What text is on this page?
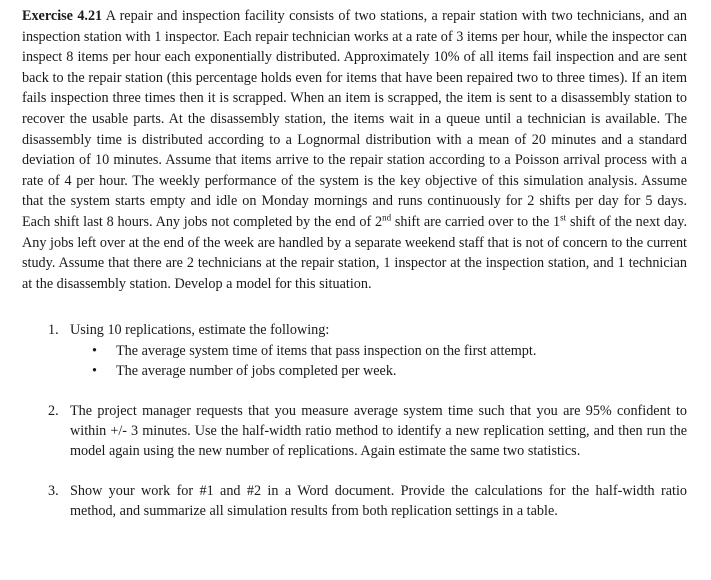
Exercise 4.21 A repair and inspection facility consists of two stations, a repair station with two technicians, and an inspection station with 1 inspector. Each repair technician works at a rate of 3 items per hour, while the inspector can inspect 8 items per hour each exponentially distributed. Approximately 10% of all items fail inspection and are sent back to the repair station (this percentage holds even for items that have been repaired two to three times). If an item fails inspection three times then it is scrapped. When an item is scrapped, the item is sent to a disassembly station to recover the usable parts. At the disassembly station, the items wait in a queue until a technician is available. The disassembly time is distributed according to a Lognormal distribution with a mean of 20 minutes and a standard deviation of 10 minutes. Assume that items arrive to the repair station according to a Poisson arrival process with a rate of 4 per hour. The weekly performance of the system is the key objective of this simulation analysis. Assume that the system starts empty and idle on Monday mornings and runs continuously for 2 shifts per day for 5 days. Each shift last 8 hours. Any jobs not completed by the end of 2nd shift are carried over to the 1st shift of the next day. Any jobs left over at the end of the week are handled by a separate weekend staff that is not of concern to the current study. Assume that there are 2 technicians at the repair station, 1 inspector at the inspection station, and 1 technician at the disassembly station. Develop a model for this situation.

1. Using 10 replications, estimate the following:
• The average system time of items that pass inspection on the first attempt.
• The average number of jobs completed per week.
2. The project manager requests that you measure average system time such that you are 95% confident to within +/- 3 minutes. Use the half-width ratio method to identify a new replication setting, and then run the model again using the new number of replications. Again estimate the same two statistics.
3. Show your work for #1 and #2 in a Word document. Provide the calculations for the half-width ratio method, and summarize all simulation results from both replication settings in a table.
